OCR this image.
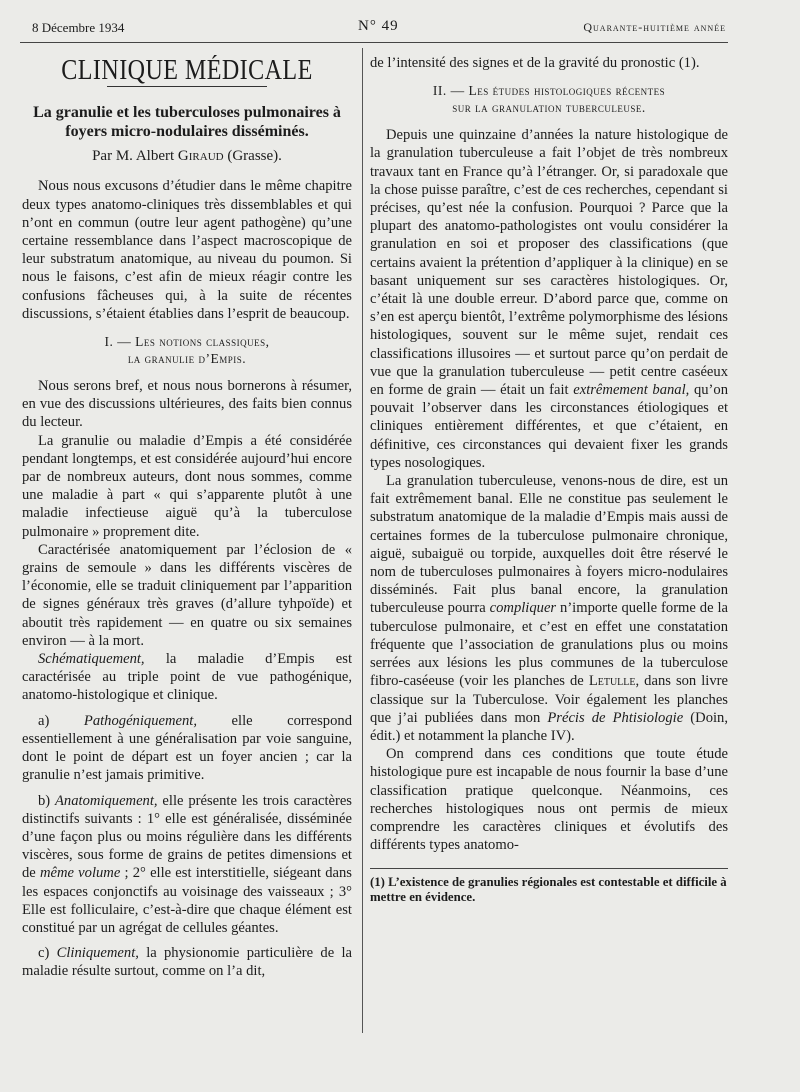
8 Décembre 1934	N° 49	Quarante-huitième année
CLINIQUE MÉDICALE
La granulie et les tuberculoses pulmonaires à foyers micro-nodulaires disséminés.
Par M. Albert Giraud (Grasse).

Nous nous excusons d’étudier dans le même chapitre deux types anatomo-cliniques très dissemblables et qui n’ont en commun (outre leur agent pathogène) qu’une certaine ressemblance dans l’aspect macroscopique de leur substratum anatomique, au niveau du poumon. Si nous le faisons, c’est afin de mieux réagir contre les confusions fâcheuses qui, à la suite de récentes discussions, s’étaient établies dans l’esprit de beaucoup.

I. — Les notions classiques,
la granulie d’Empis.

Nous serons bref, et nous nous bornerons à résumer, en vue des discussions ultérieures, des faits bien connus du lecteur.

La granulie ou maladie d’Empis a été considérée pendant longtemps, et est considérée aujourd’hui encore par de nombreux auteurs, dont nous sommes, comme une maladie à part « qui s’apparente plutôt à une maladie infectieuse aiguë qu’à la tuberculose pulmonaire » proprement dite.

Caractérisée anatomiquement par l’éclosion de « grains de semoule » dans les différents viscères de l’économie, elle se traduit cliniquement par l’apparition de signes généraux très graves (d’allure tyhpoïde) et aboutit très rapidement — en quatre ou six semaines environ — à la mort.

Schématiquement, la maladie d’Empis est caractérisée au triple point de vue pathogénique, anatomo-histologique et clinique.

a) Pathogéniquement, elle correspond essentiellement à une généralisation par voie sanguine, dont le point de départ est un foyer ancien ; car la granulie n’est jamais primitive.

b) Anatomiquement, elle présente les trois caractères distinctifs suivants : 1° elle est généralisée, disséminée d’une façon plus ou moins régulière dans les différents viscères, sous forme de grains de petites dimensions et de même volume ; 2° elle est interstitielle, siégeant dans les espaces conjonctifs au voisinage des vaisseaux ; 3° Elle est folliculaire, c’est-à-dire que chaque élément est constitué par un agrégat de cellules géantes.

c) Cliniquement, la physionomie particulière de la maladie résulte surtout, comme on l’a dit,

de l’intensité des signes et de la gravité du pronostic (1).

II. — Les études histologiques récentes
sur la granulation tuberculeuse.

Depuis une quinzaine d’années la nature histologique de la granulation tuberculeuse a fait l’objet de très nombreux travaux tant en France qu’à l’étranger. Or, si paradoxale que la chose puisse paraître, c’est de ces recherches, cependant si précises, qu’est née la confusion. Pourquoi ? Parce que la plupart des anatomo-pathologistes ont voulu considérer la granulation en soi et proposer des classifications (que certains avaient la prétention d’appliquer à la clinique) en se basant uniquement sur ses caractères histologiques. Or, c’était là une double erreur. D’abord parce que, comme on s’en est aperçu bientôt, l’extrême polymorphisme des lésions histologiques, souvent sur le même sujet, rendait ces classifications illusoires — et surtout parce qu’on perdait de vue que la granulation tuberculeuse — petit centre caséeux en forme de grain — était un fait extrêmement banal, qu’on pouvait l’observer dans les circonstances étiologiques et cliniques entièrement différentes, et que c’étaient, en définitive, ces circonstances qui devaient fixer les grands types nosologiques.

La granulation tuberculeuse, venons-nous de dire, est un fait extrêmement banal. Elle ne constitue pas seulement le substratum anatomique de la maladie d’Empis mais aussi de certaines formes de la tuberculose pulmonaire chronique, aiguë, subaiguë ou torpide, auxquelles doit être réservé le nom de tuberculoses pulmonaires à foyers micro-nodulaires disséminés. Fait plus banal encore, la granulation tuberculeuse pourra compliquer n’importe quelle forme de la tuberculose pulmonaire, et c’est en effet une constatation fréquente que l’association de granulations plus ou moins serrées aux lésions les plus communes de la tuberculose fibro-caséeuse (voir les planches de Letulle, dans son livre classique sur la Tuberculose. Voir également les planches que j’ai publiées dans mon Précis de Phtisiologie (Doin, édit.) et notamment la planche IV).

On comprend dans ces conditions que toute étude histologique pure est incapable de nous fournir la base d’une classification pratique quelconque. Néanmoins, ces recherches histologiques nous ont permis de mieux comprendre les caractères cliniques et évolutifs des différents types anatomo-

(1) L’existence de granulies régionales est contestable et difficile à mettre en évidence.
